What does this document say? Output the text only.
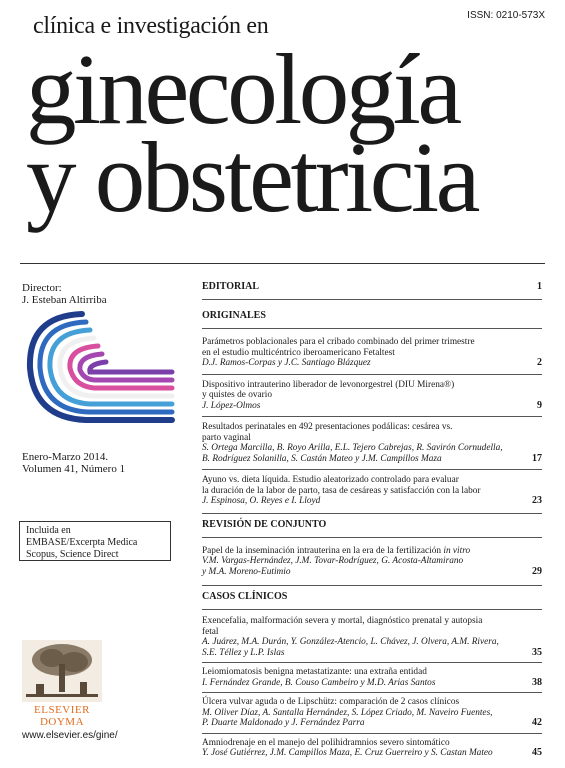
ISSN: 0210-573X
clínica e investigación en
ginecología
y obstetricia
Director:
J. Esteban Altirriba
Enero-Marzo 2014.
Volumen 41, Número 1
Incluida en
EMBASE/Excerpta Medica
Scopus, Science Direct
ELSEVIER
DOYMA
www.elsevier.es/gine/
EDITORIAL	1
ORIGINALES
Parámetros poblacionales para el cribado combinado del primer trimestre
en el estudio multicéntrico iberoamericano Fetaltest
D.J. Ramos-Corpas y J.C. Santiago Blázquez	2
Dispositivo intrauterino liberador de levonorgestrel (DIU Mirena®)
y quistes de ovario
J. López-Olmos	9
Resultados perinatales en 492 presentaciones podálicas: cesárea vs.
parto vaginal
S. Ortega Marcilla, B. Royo Arilla, E.L. Tejero Cabrejas, R. Savirón Cornudella,
B. Rodríguez Solanilla, S. Castán Mateo y J.M. Campillos Maza	17
Ayuno vs. dieta líquida. Estudio aleatorizado controlado para evaluar
la duración de la labor de parto, tasa de cesáreas y satisfacción con la labor
J. Espinosa, O. Reyes e I. Lloyd	23
REVISIÓN DE CONJUNTO
Papel de la inseminación intrauterina en la era de la fertilización in vitro
V.M. Vargas-Hernández, J.M. Tovar-Rodríguez, G. Acosta-Altamirano
y M.A. Moreno-Eutimio	29
CASOS CLÍNICOS
Exencefalia, malformación severa y mortal, diagnóstico prenatal y autopsia
fetal
A. Juárez, M.A. Durán, Y. González-Atencio, L. Chávez, J. Olvera, A.M. Rivera,
S.E. Téllez y L.P. Islas	35
Leiomiomatosis benigna metastatizante: una extraña entidad
I. Fernández Grande, B. Couso Cambeiro y M.D. Arias Santos	38
Úlcera vulvar aguda o de Lipschütz: comparación de 2 casos clínicos
M. Oliver Díaz, A. Santalla Hernández, S. López Criado, M. Naveiro Fuentes,
P. Duarte Maldonado y J. Fernández Parra	42
Amniodrenaje en el manejo del polihidramnios severo sintomático
Y. José Gutiérrez, J.M. Campillos Maza, E. Cruz Guerreiro y S. Castan Mateo	45
